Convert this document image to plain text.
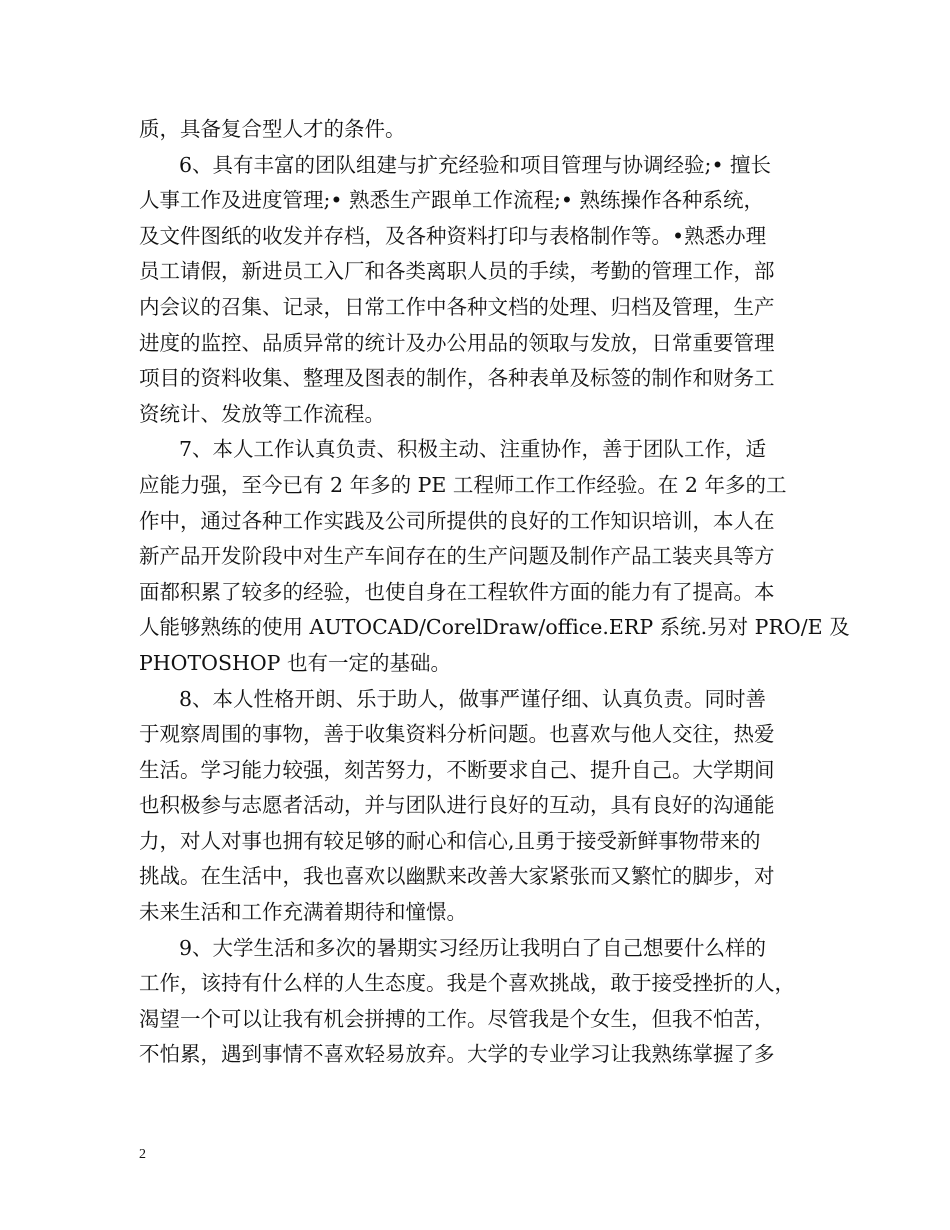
质，具备复合型人才的条件。
6、具有丰富的团队组建与扩充经验和项目管理与协调经验;• 擅长
人事工作及进度管理;• 熟悉生产跟单工作流程;• 熟练操作各种系统，
及文件图纸的收发并存档，及各种资料打印与表格制作等。•熟悉办理
员工请假，新进员工入厂和各类离职人员的手续，考勤的管理工作，部
内会议的召集、记录，日常工作中各种文档的处理、归档及管理，生产
进度的监控、品质异常的统计及办公用品的领取与发放，日常重要管理
项目的资料收集、整理及图表的制作，各种表单及标签的制作和财务工
资统计、发放等工作流程。
7、本人工作认真负责、积极主动、注重协作，善于团队工作，适
应能力强，至今已有 2 年多的 PE 工程师工作工作经验。在 2 年多的工
作中，通过各种工作实践及公司所提供的良好的工作知识培训，本人在
新产品开发阶段中对生产车间存在的生产问题及制作产品工装夹具等方
面都积累了较多的经验，也使自身在工程软件方面的能力有了提高。本
人能够熟练的使用 AUTOCAD/CorelDraw/office.ERP 系统.另对 PRO/E 及
PHOTOSHOP 也有一定的基础。
8、本人性格开朗、乐于助人，做事严谨仔细、认真负责。同时善
于观察周围的事物，善于收集资料分析问题。也喜欢与他人交往，热爱
生活。学习能力较强，刻苦努力，不断要求自己、提升自己。大学期间
也积极参与志愿者活动，并与团队进行良好的互动，具有良好的沟通能
力，对人对事也拥有较足够的耐心和信心,且勇于接受新鲜事物带来的
挑战。在生活中，我也喜欢以幽默来改善大家紧张而又繁忙的脚步，对
未来生活和工作充满着期待和憧憬。
9、大学生活和多次的暑期实习经历让我明白了自己想要什么样的
工作，该持有什么样的人生态度。我是个喜欢挑战，敢于接受挫折的人，
渴望一个可以让我有机会拼搏的工作。尽管我是个女生，但我不怕苦，
不怕累，遇到事情不喜欢轻易放弃。大学的专业学习让我熟练掌握了多
2
